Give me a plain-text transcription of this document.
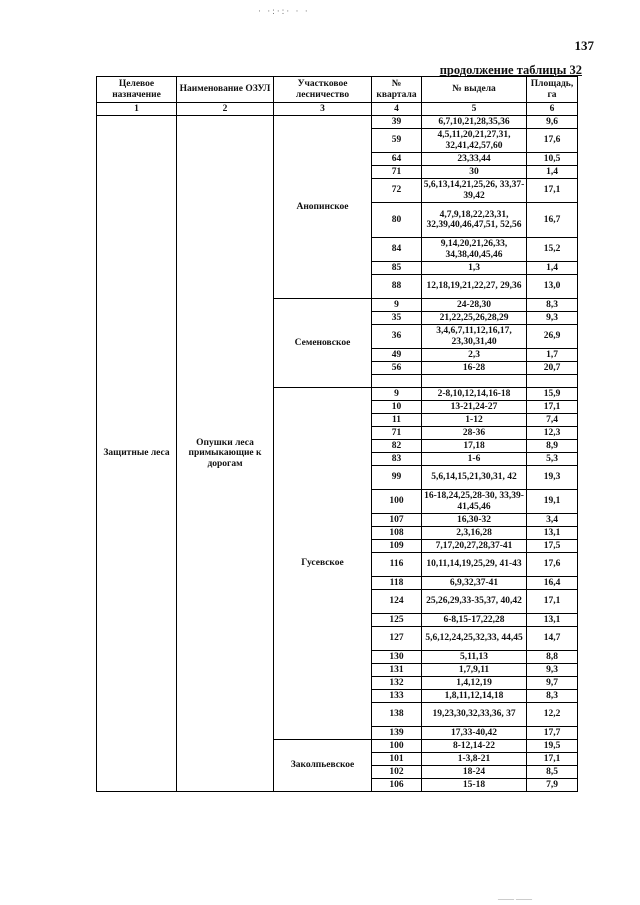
· ·:·:· · ·
137
продолжение таблицы 32
Целевое назначение	Наименование ОЗУЛ	Участковое лесничество	№ квартала	№ выдела	Площадь, га
1	2	3	4	5	6
Защитные леса	Опушки леса примыкающие к дорогам	Анопинское	39	6,7,10,21,28,35,36	9,6
			59	4,5,11,20,21,27,31, 32,41,42,57,60	17,6
			64	23,33,44	10,5
			71	30	1,4
			72	5,6,13,14,21,25,26, 33,37-39,42	17,1
			80	4,7,9,18,22,23,31, 32,39,40,46,47,51, 52,56	16,7
			84	9,14,20,21,26,33, 34,38,40,45,46	15,2
			85	1,3	1,4
			88	12,18,19,21,22,27, 29,36	13,0
		Семеновское	9	24-28,30	8,3
			35	21,22,25,26,28,29	9,3
			36	3,4,6,7,11,12,16,17, 23,30,31,40	26,9
			49	2,3	1,7
			56	16-28	20,7

		Гусевское	9	2-8,10,12,14,16-18	15,9
			10	13-21,24-27	17,1
			11	1-12	7,4
			71	28-36	12,3
			82	17,18	8,9
			83	1-6	5,3
			99	5,6,14,15,21,30,31, 42	19,3
			100	16-18,24,25,28-30, 33,39-41,45,46	19,1
			107	16,30-32	3,4
			108	2,3,16,28	13,1
			109	7,17,20,27,28,37-41	17,5
			116	10,11,14,19,25,29, 41-43	17,6
			118	6,9,32,37-41	16,4
			124	25,26,29,33-35,37, 40,42	17,1
			125	6-8,15-17,22,28	13,1
			127	5,6,12,24,25,32,33, 44,45	14,7
			130	5,11,13	8,8
			131	1,7,9,11	9,3
			132	1,4,12,19	9,7
			133	1,8,11,12,14,18	8,3
			138	19,23,30,32,33,36, 37	12,2
			139	17,33-40,42	17,7
		Заколпьевское	100	8-12,14-22	19,5
			101	1-3,8-21	17,1
			102	18-24	8,5
			106	15-18	7,9
—— ——
